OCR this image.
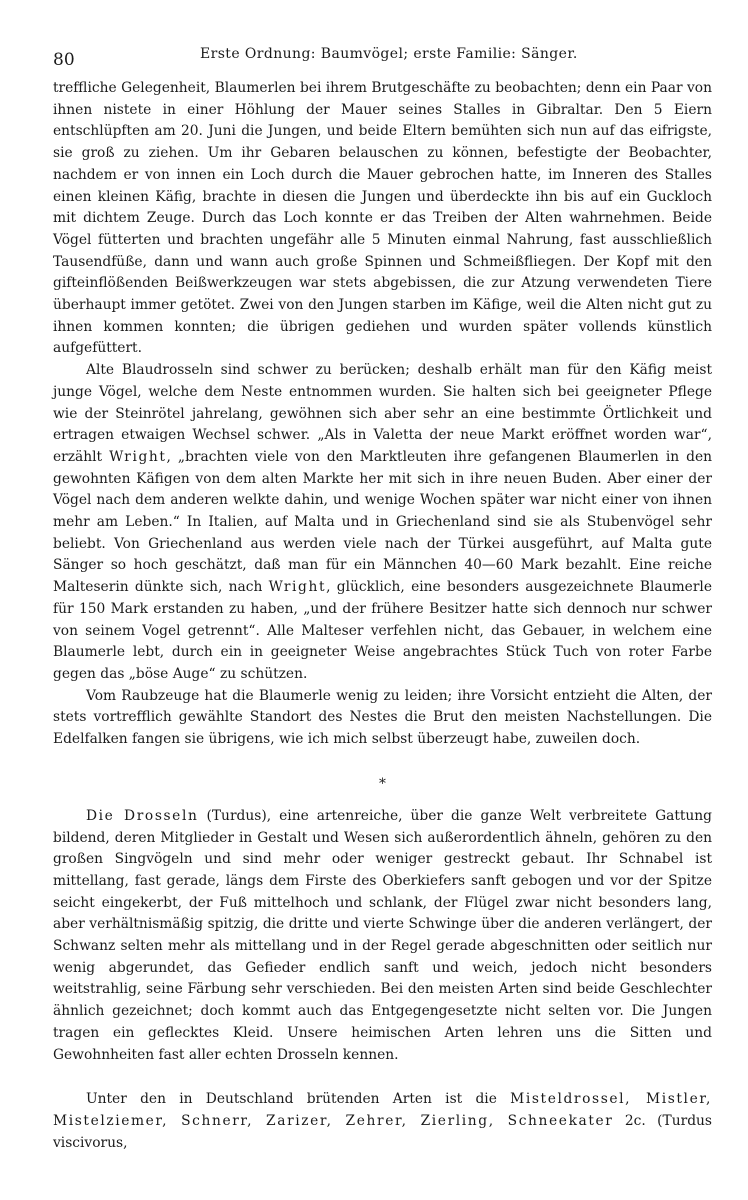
80	Erste Ordnung: Baumvögel; erste Familie: Sänger.

treffliche Gelegenheit, Blaumerlen bei ihrem Brutgeschäfte zu beobachten; denn ein Paar von ihnen nistete in einer Höhlung der Mauer seines Stalles in Gibraltar. Den 5 Eiern entschlüpften am 20. Juni die Jungen, und beide Eltern bemühten sich nun auf das eifrigste, sie groß zu ziehen. Um ihr Gebaren belauschen zu können, befestigte der Beobachter, nachdem er von innen ein Loch durch die Mauer gebrochen hatte, im Inneren des Stalles einen kleinen Käfig, brachte in diesen die Jungen und überdeckte ihn bis auf ein Guckloch mit dichtem Zeuge. Durch das Loch konnte er das Treiben der Alten wahrnehmen. Beide Vögel fütterten und brachten ungefähr alle 5 Minuten einmal Nahrung, fast ausschließlich Tausendfüße, dann und wann auch große Spinnen und Schmeißfliegen. Der Kopf mit den gifteinflößenden Beißwerkzeugen war stets abgebissen, die zur Atzung verwendeten Tiere überhaupt immer getötet. Zwei von den Jungen starben im Käfige, weil die Alten nicht gut zu ihnen kommen konnten; die übrigen gediehen und wurden später vollends künstlich aufgefüttert.

Alte Blaudrosseln sind schwer zu berücken; deshalb erhält man für den Käfig meist junge Vögel, welche dem Neste entnommen wurden. Sie halten sich bei geeigneter Pflege wie der Steinrötel jahrelang, gewöhnen sich aber sehr an eine bestimmte Örtlichkeit und ertragen etwaigen Wechsel schwer. „Als in Valetta der neue Markt eröffnet worden war“, erzählt Wright, „brachten viele von den Marktleuten ihre gefangenen Blaumerlen in den gewohnten Käfigen von dem alten Markte her mit sich in ihre neuen Buden. Aber einer der Vögel nach dem anderen welkte dahin, und wenige Wochen später war nicht einer von ihnen mehr am Leben.“ In Italien, auf Malta und in Griechenland sind sie als Stubenvögel sehr beliebt. Von Griechenland aus werden viele nach der Türkei ausgeführt, auf Malta gute Sänger so hoch geschätzt, daß man für ein Männchen 40—60 Mark bezahlt. Eine reiche Malteserin dünkte sich, nach Wright, glücklich, eine besonders ausgezeichnete Blaumerle für 150 Mark erstanden zu haben, „und der frühere Besitzer hatte sich dennoch nur schwer von seinem Vogel getrennt“. Alle Malteser verfehlen nicht, das Gebauer, in welchem eine Blaumerle lebt, durch ein in geeigneter Weise angebrachtes Stück Tuch von roter Farbe gegen das „böse Auge“ zu schützen.

Vom Raubzeuge hat die Blaumerle wenig zu leiden; ihre Vorsicht entzieht die Alten, der stets vortrefflich gewählte Standort des Nestes die Brut den meisten Nachstellungen. Die Edelfalken fangen sie übrigens, wie ich mich selbst überzeugt habe, zuweilen doch.

*

Die Drosseln (Turdus), eine artenreiche, über die ganze Welt verbreitete Gattung bildend, deren Mitglieder in Gestalt und Wesen sich außerordentlich ähneln, gehören zu den großen Singvögeln und sind mehr oder weniger gestreckt gebaut. Ihr Schnabel ist mittellang, fast gerade, längs dem Firste des Oberkiefers sanft gebogen und vor der Spitze seicht eingekerbt, der Fuß mittelhoch und schlank, der Flügel zwar nicht besonders lang, aber verhältnismäßig spitzig, die dritte und vierte Schwinge über die anderen verlängert, der Schwanz selten mehr als mittellang und in der Regel gerade abgeschnitten oder seitlich nur wenig abgerundet, das Gefieder endlich sanft und weich, jedoch nicht besonders weitstrahlig, seine Färbung sehr verschieden. Bei den meisten Arten sind beide Geschlechter ähnlich gezeichnet; doch kommt auch das Entgegengesetzte nicht selten vor. Die Jungen tragen ein geflecktes Kleid. Unsere heimischen Arten lehren uns die Sitten und Gewohnheiten fast aller echten Drosseln kennen.

Unter den in Deutschland brütenden Arten ist die Misteldrossel, Mistler, Mistelziemer, Schnerr, Zarizer, Zehrer, Zierling, Schneekater 2c. (Turdus viscivorus,
